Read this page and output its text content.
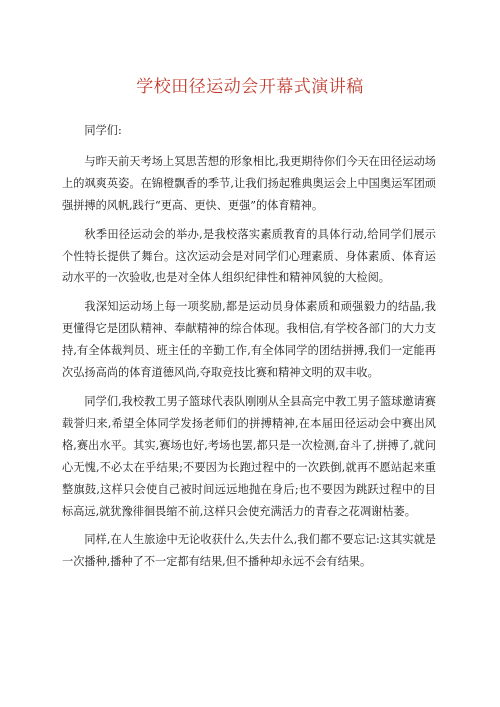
学校田径运动会开幕式演讲稿

同学们:

与昨天前天考场上冥思苦想的形象相比,我更期待你们今天在田径运动场上的飒爽英姿。在锦橙飘香的季节,让我们扬起雅典奥运会上中国奥运军团顽强拼搏的风帆,践行“更高、更快、更强”的体育精神。

秋季田径运动会的举办,是我校落实素质教育的具体行动,给同学们展示个性特长提供了舞台。这次运动会是对同学们心理素质、身体素质、体育运动水平的一次验收,也是对全体人组织纪律性和精神风貌的大检阅。

我深知运动场上每一项奖励,都是运动员身体素质和顽强毅力的结晶,我更懂得它是团队精神、奉献精神的综合体现。我相信,有学校各部门的大力支持,有全体裁判员、班主任的辛勤工作,有全体同学的团结拼搏,我们一定能再次弘扬高尚的体育道德风尚,夺取竞技比赛和精神文明的双丰收。

同学们,我校教工男子篮球代表队刚刚从全县高完中教工男子篮球邀请赛载誉归来,希望全体同学发扬老师们的拼搏精神,在本届田径运动会中赛出风格,赛出水平。其实,赛场也好,考场也罢,都只是一次检测,奋斗了,拼搏了,就问心无愧,不必太在乎结果;不要因为长跑过程中的一次跌倒,就再不愿站起来重整旗鼓,这样只会使自己被时间远远地抛在身后;也不要因为跳跃过程中的目标高远,就犹豫徘徊畏缩不前,这样只会使充满活力的青春之花凋谢枯萎。

同样,在人生旅途中无论收获什么,失去什么,我们都不要忘记:这其实就是一次播种,播种了不一定都有结果,但不播种却永远不会有结果。
